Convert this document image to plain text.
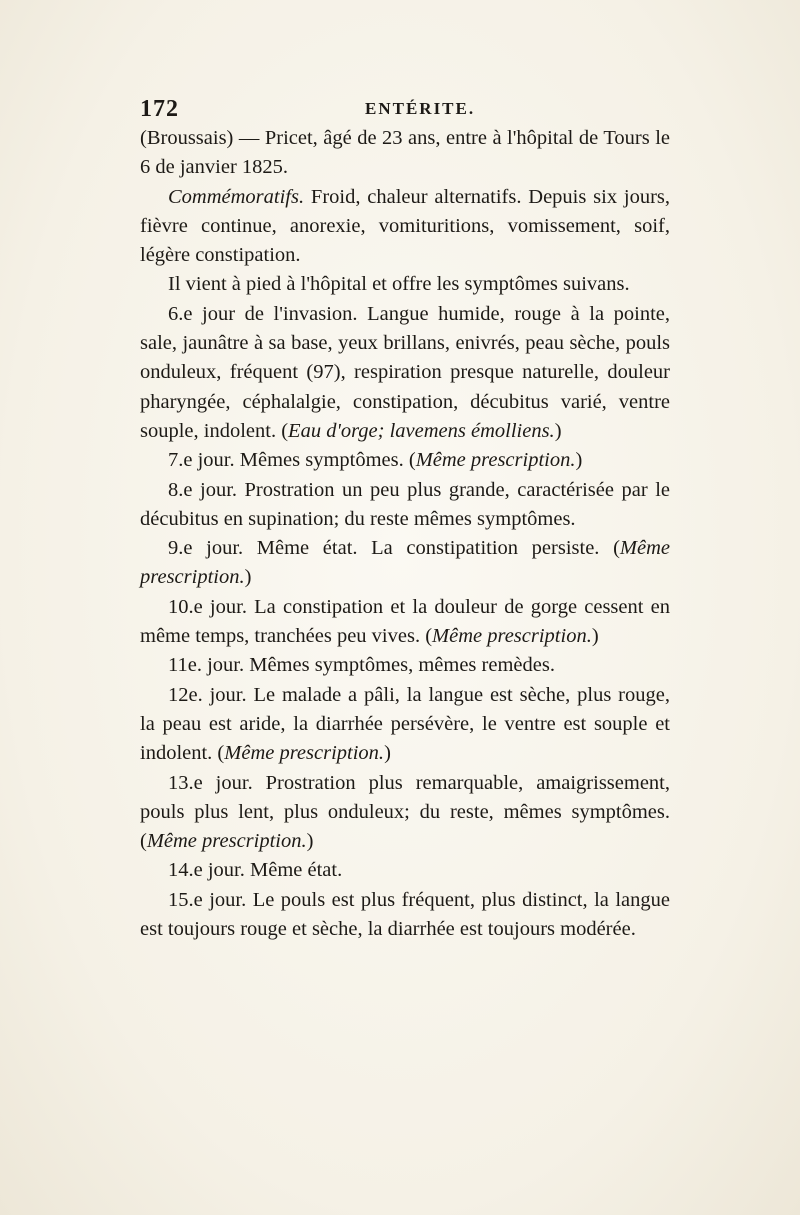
172	ENTÉRITE.

(Broussais) — Pricet, âgé de 23 ans, entre à l'hôpital de Tours le 6 de janvier 1825.

Commémoratifs. Froid, chaleur alternatifs. Depuis six jours, fièvre continue, anorexie, vomituritions, vomissement, soif, légère constipation.

Il vient à pied à l'hôpital et offre les symptômes suivans.

6.e jour de l'invasion. Langue humide, rouge à la pointe, sale, jaunâtre à sa base, yeux brillans, enivrés, peau sèche, pouls onduleux, fréquent (97), respiration presque naturelle, douleur pharyngée, céphalalgie, constipation, décubitus varié, ventre souple, indolent. (Eau d'orge; lavemens émolliens.)

7.e jour. Mêmes symptômes. (Même prescription.)

8.e jour. Prostration un peu plus grande, caractérisée par le décubitus en supination; du reste mêmes symptômes.

9.e jour. Même état. La constipatition persiste. (Même prescription.)

10.e jour. La constipation et la douleur de gorge cessent en même temps, tranchées peu vives. (Même prescription.)

11e. jour. Mêmes symptômes, mêmes remèdes.

12e. jour. Le malade a pâli, la langue est sèche, plus rouge, la peau est aride, la diarrhée persévère, le ventre est souple et indolent. (Même prescription.)

13.e jour. Prostration plus remarquable, amaigrissement, pouls plus lent, plus onduleux; du reste, mêmes symptômes. (Même prescription.)

14.e jour. Même état.

15.e jour. Le pouls est plus fréquent, plus distinct, la langue est toujours rouge et sèche, la diarrhée est toujours modérée.
